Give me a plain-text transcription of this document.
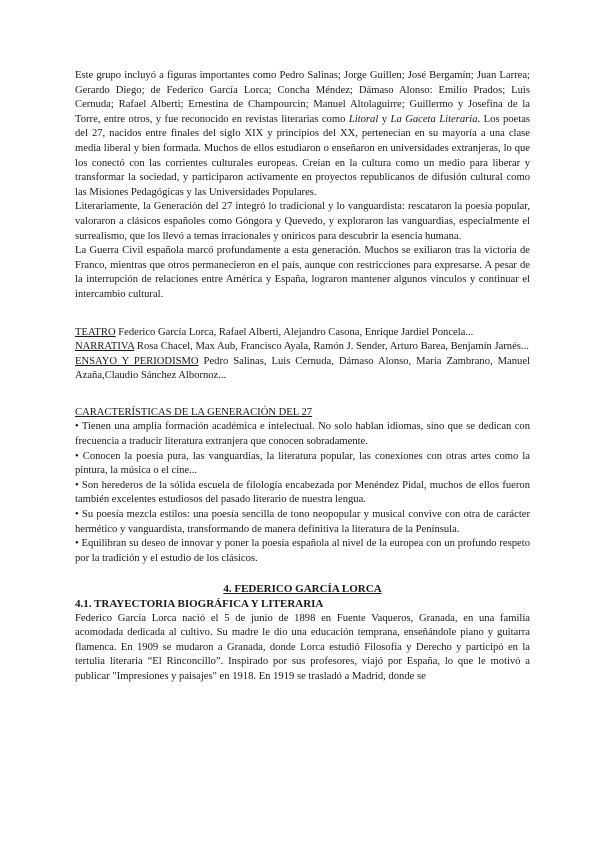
Este grupo incluyó a figuras importantes como Pedro Salinas; Jorge Guillen; José Bergamín; Juan Larrea; Gerardo Diego; de Federico García Lorca; Concha Méndez; Dámaso Alonso: Emilio Prados; Luis Cernuda; Rafael Alberti; Ernestina de Champourcin; Manuel Altolaguirre; Guillermo y Josefina de la Torre, entre otros, y fue reconocido en revistas literarias como Litoral y La Gaceta Literaria. Los poetas del 27, nacidos entre finales del siglo XIX y principios del XX, pertenecían en su mayoría a una clase media liberal y bien formada. Muchos de ellos estudiaron o enseñaron en universidades extranjeras, lo que los conectó con las corrientes culturales europeas. Creían en la cultura como un medio para liberar y transformar la sociedad, y participaron activamente en proyectos republicanos de difusión cultural como las Misiones Pedagógicas y las Universidades Populares.

Literariamente, la Generación del 27 integró lo tradicional y lo vanguardista: rescataron la poesía popular, valoraron a clásicos españoles como Góngora y Quevedo, y exploraron las vanguardias, especialmente el surrealismo, que los llevó a temas irracionales y oníricos para descubrir la esencia humana.

La Guerra Civil española marcó profundamente a esta generación. Muchos se exiliaron tras la victoria de Franco, mientras que otros permanecieron en el país, aunque con restricciones para expresarse. A pesar de la interrupción de relaciones entre América y España, lograron mantener algunos vínculos y continuar el intercambio cultural.

TEATRO Federico García Lorca, Rafael Alberti, Alejandro Casona, Enrique Jardiel Poncela...

NARRATIVA Rosa Chacel, Max Aub, Francisco Ayala, Ramón J. Sender, Arturo Barea, Benjamín Jarnés...

ENSAYO Y PERIODISMO Pedro Salinas, Luis Cernuda, Dámaso Alonso, María Zambrano, Manuel Azaña,Claudio Sánchez Albornoz...

CARACTERÍSTICAS DE LA GENERACIÓN DEL 27

• Tienen una amplia formación académica e intelectual. No solo hablan idiomas, sino que se dedican con frecuencia a traducir literatura extranjera que conocen sobradamente.

• Conocen la poesía pura, las vanguardias, la literatura popular, las conexiones con otras artes como la pintura, la música o el cine...

• Son herederos de la sólida escuela de filología encabezada por Menéndez Pidal, muchos de ellos fueron también excelentes estudiosos del pasado literario de nuestra lengua.

• Su poesía mezcla estilos: una poesía sencilla de tono neopopular y musical convive con otra de carácter hermético y vanguardista, transformando de manera definitiva la literatura de la Península.

• Equilibran su deseo de innovar y poner la poesía española al nivel de la europea con un profundo respeto por la tradición y el estudio de los clásicos.

4. FEDERICO GARCÍA LORCA

4.1. TRAYECTORIA BIOGRÁFICA Y LITERARIA

Federico García Lorca nació el 5 de junio de 1898 en Fuente Vaqueros, Granada, en una familia acomodada dedicada al cultivo. Su madre le dio una educación temprana, enseñándole piano y guitarra flamenca. En 1909 se mudaron a Granada, donde Lorca estudió Filosofía y Derecho y participó en la tertulia literaria “El Rinconcillo”. Inspirado por sus profesores, viajó por España, lo que le motivó a publicar "Impresiones y paisajes" en 1918. En 1919 se trasladó a Madrid, donde se
